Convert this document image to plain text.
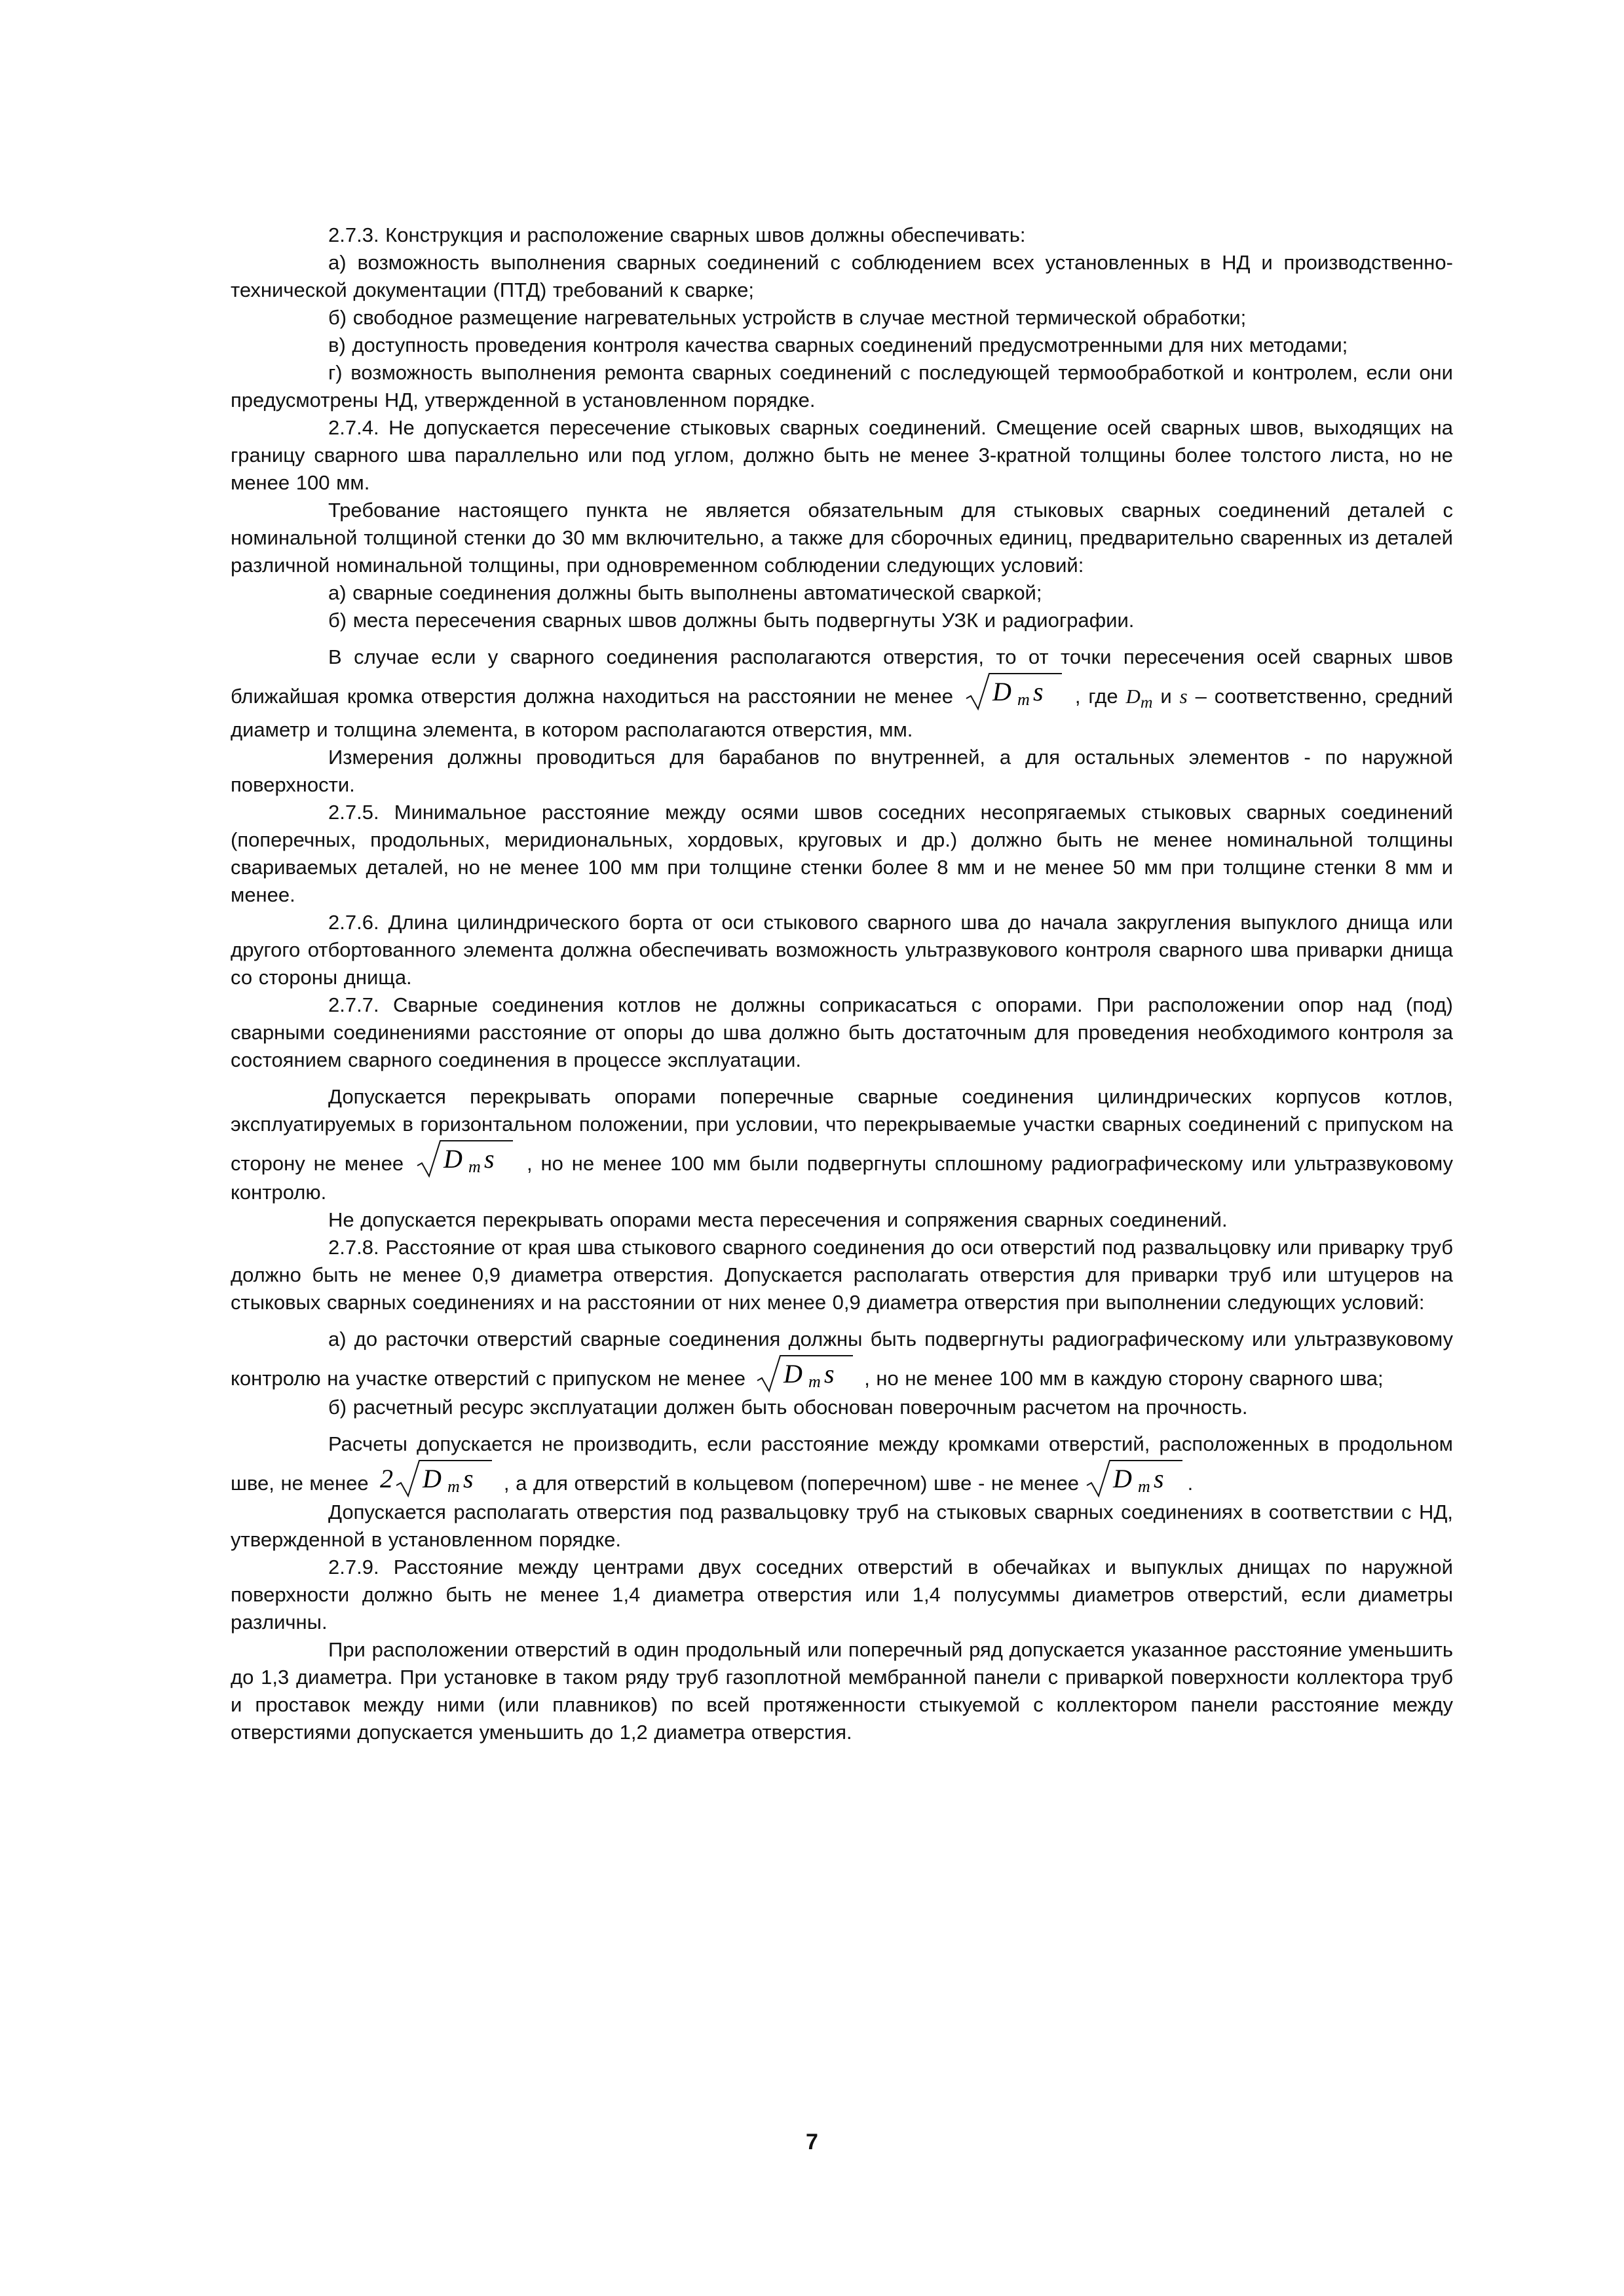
2.7.3. Конструкция и расположение сварных швов должны обеспечивать:

а) возможность выполнения сварных соединений с соблюдением всех установленных в НД и производственно-технической документации (ПТД) требований к сварке;

б) свободное размещение нагревательных устройств в случае местной термической обработки;

в) доступность проведения контроля качества сварных соединений предусмотренными для них методами;

г) возможность выполнения ремонта сварных соединений с последующей термообработкой и контролем, если они предусмотрены НД, утвержденной в установленном порядке.

2.7.4. Не допускается пересечение стыковых сварных соединений. Смещение осей сварных швов, выходящих на границу сварного шва параллельно или под углом, должно быть не менее 3-кратной толщины более толстого листа, но не менее 100 мм.

Требование настоящего пункта не является обязательным для стыковых сварных соединений деталей с номинальной толщиной стенки до 30 мм включительно, а также для сборочных единиц, предварительно сваренных из деталей различной номинальной толщины, при одновременном соблюдении следующих условий:

а) сварные соединения должны быть выполнены автоматической сваркой;

б) места пересечения сварных швов должны быть подвергнуты УЗК и радиографии.

В случае если у сварного соединения располагаются отверстия, то от точки пересечения осей сварных швов ближайшая кромка отверстия должна находиться на расстоянии не менее D m s , где $D_m$ и s – соответственно, средний диаметр и толщина элемента, в котором располагаются отверстия, мм.

Измерения должны проводиться для барабанов по внутренней, а для остальных элементов - по наружной поверхности.

2.7.5. Минимальное расстояние между осями швов соседних несопрягаемых стыковых сварных соединений (поперечных, продольных, меридиональных, хордовых, круговых и др.) должно быть не менее номинальной толщины свариваемых деталей, но не менее 100 мм при толщине стенки более 8 мм и не менее 50 мм при толщине стенки 8 мм и менее.

2.7.6. Длина цилиндрического борта от оси стыкового сварного шва до начала закругления выпуклого днища или другого отбортованного элемента должна обеспечивать возможность ультразвукового контроля сварного шва приварки днища со стороны днища.

2.7.7. Сварные соединения котлов не должны соприкасаться с опорами. При расположении опор над (под) сварными соединениями расстояние от опоры до шва должно быть достаточным для проведения необходимого контроля за состоянием сварного соединения в процессе эксплуатации.

Допускается перекрывать опорами поперечные сварные соединения цилиндрических корпусов котлов, эксплуатируемых в горизонтальном положении, при условии, что перекрываемые участки сварных соединений с припуском на сторону не менее D m s , но не менее 100 мм были подвергнуты сплошному радиографическому или ультразвуковому контролю.

Не допускается перекрывать опорами места пересечения и сопряжения сварных соединений.

2.7.8. Расстояние от края шва стыкового сварного соединения до оси отверстий под развальцовку или приварку труб должно быть не менее 0,9 диаметра отверстия. Допускается располагать отверстия для приварки труб или штуцеров на стыковых сварных соединениях и на расстоянии от них менее 0,9 диаметра отверстия при выполнении следующих условий:

а) до расточки отверстий сварные соединения должны быть подвергнуты радиографическому или ультразвуковому контролю на участке отверстий с припуском не менее D m s , но не менее 100 мм в каждую сторону сварного шва;

б) расчетный ресурс эксплуатации должен быть обоснован поверочным расчетом на прочность.

Расчеты допускается не производить, если расстояние между кромками отверстий, расположенных в продольном шве, не менее 2 D m s , а для отверстий в кольцевом (поперечном) шве - не менее D m s .

Допускается располагать отверстия под развальцовку труб на стыковых сварных соединениях в соответствии с НД, утвержденной в установленном порядке.

2.7.9. Расстояние между центрами двух соседних отверстий в обечайках и выпуклых днищах по наружной поверхности должно быть не менее 1,4 диаметра отверстия или 1,4 полусуммы диаметров отверстий, если диаметры различны.

При расположении отверстий в один продольный или поперечный ряд допускается указанное расстояние уменьшить до 1,3 диаметра. При установке в таком ряду труб газоплотной мембранной панели с приваркой поверхности коллектора труб и проставок между ними (или плавников) по всей протяженности стыкуемой с коллектором панели расстояние между отверстиями допускается уменьшить до 1,2 диаметра отверстия.

7
